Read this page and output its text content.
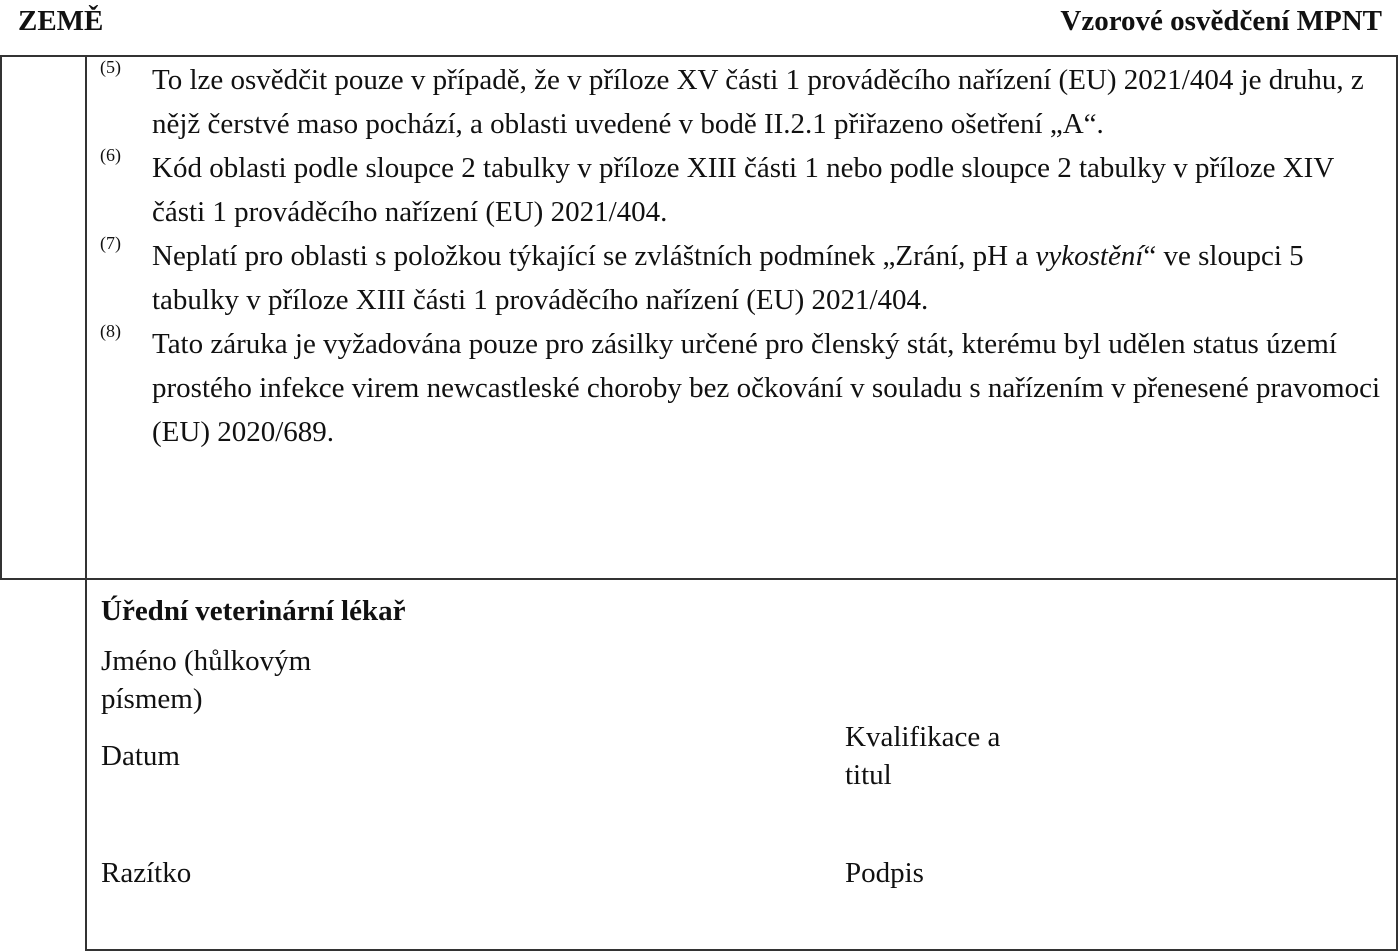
ZEMĚ	Vzorové osvědčení MPNT
(5) To lze osvědčit pouze v případě, že v příloze XV části 1 prováděcího nařízení (EU) 2021/404 je druhu, z nějž čerstvé maso pochází, a oblasti uvedené v bodě II.2.1 přiřazeno ošetření „A“.
(6) Kód oblasti podle sloupce 2 tabulky v příloze XIII části 1 nebo podle sloupce 2 tabulky v příloze XIV části 1 prováděcího nařízení (EU) 2021/404.
(7) Neplatí pro oblasti s položkou týkající se zvláštních podmínek „Zrání, pH a vykostění“ ve sloupci 5 tabulky v příloze XIII části 1 prováděcího nařízení (EU) 2021/404.
(8) Tato záruka je vyžadována pouze pro zásilky určené pro členský stát, kterému byl udělen status území prostého infekce virem newcastleské choroby bez očkování v souladu s nařízením v přenesené pravomoci (EU) 2020/689.
Úřední veterinární lékař
Jméno (hůlkovým písmem)
Datum
Kvalifikace a titul
Razítko	Podpis
